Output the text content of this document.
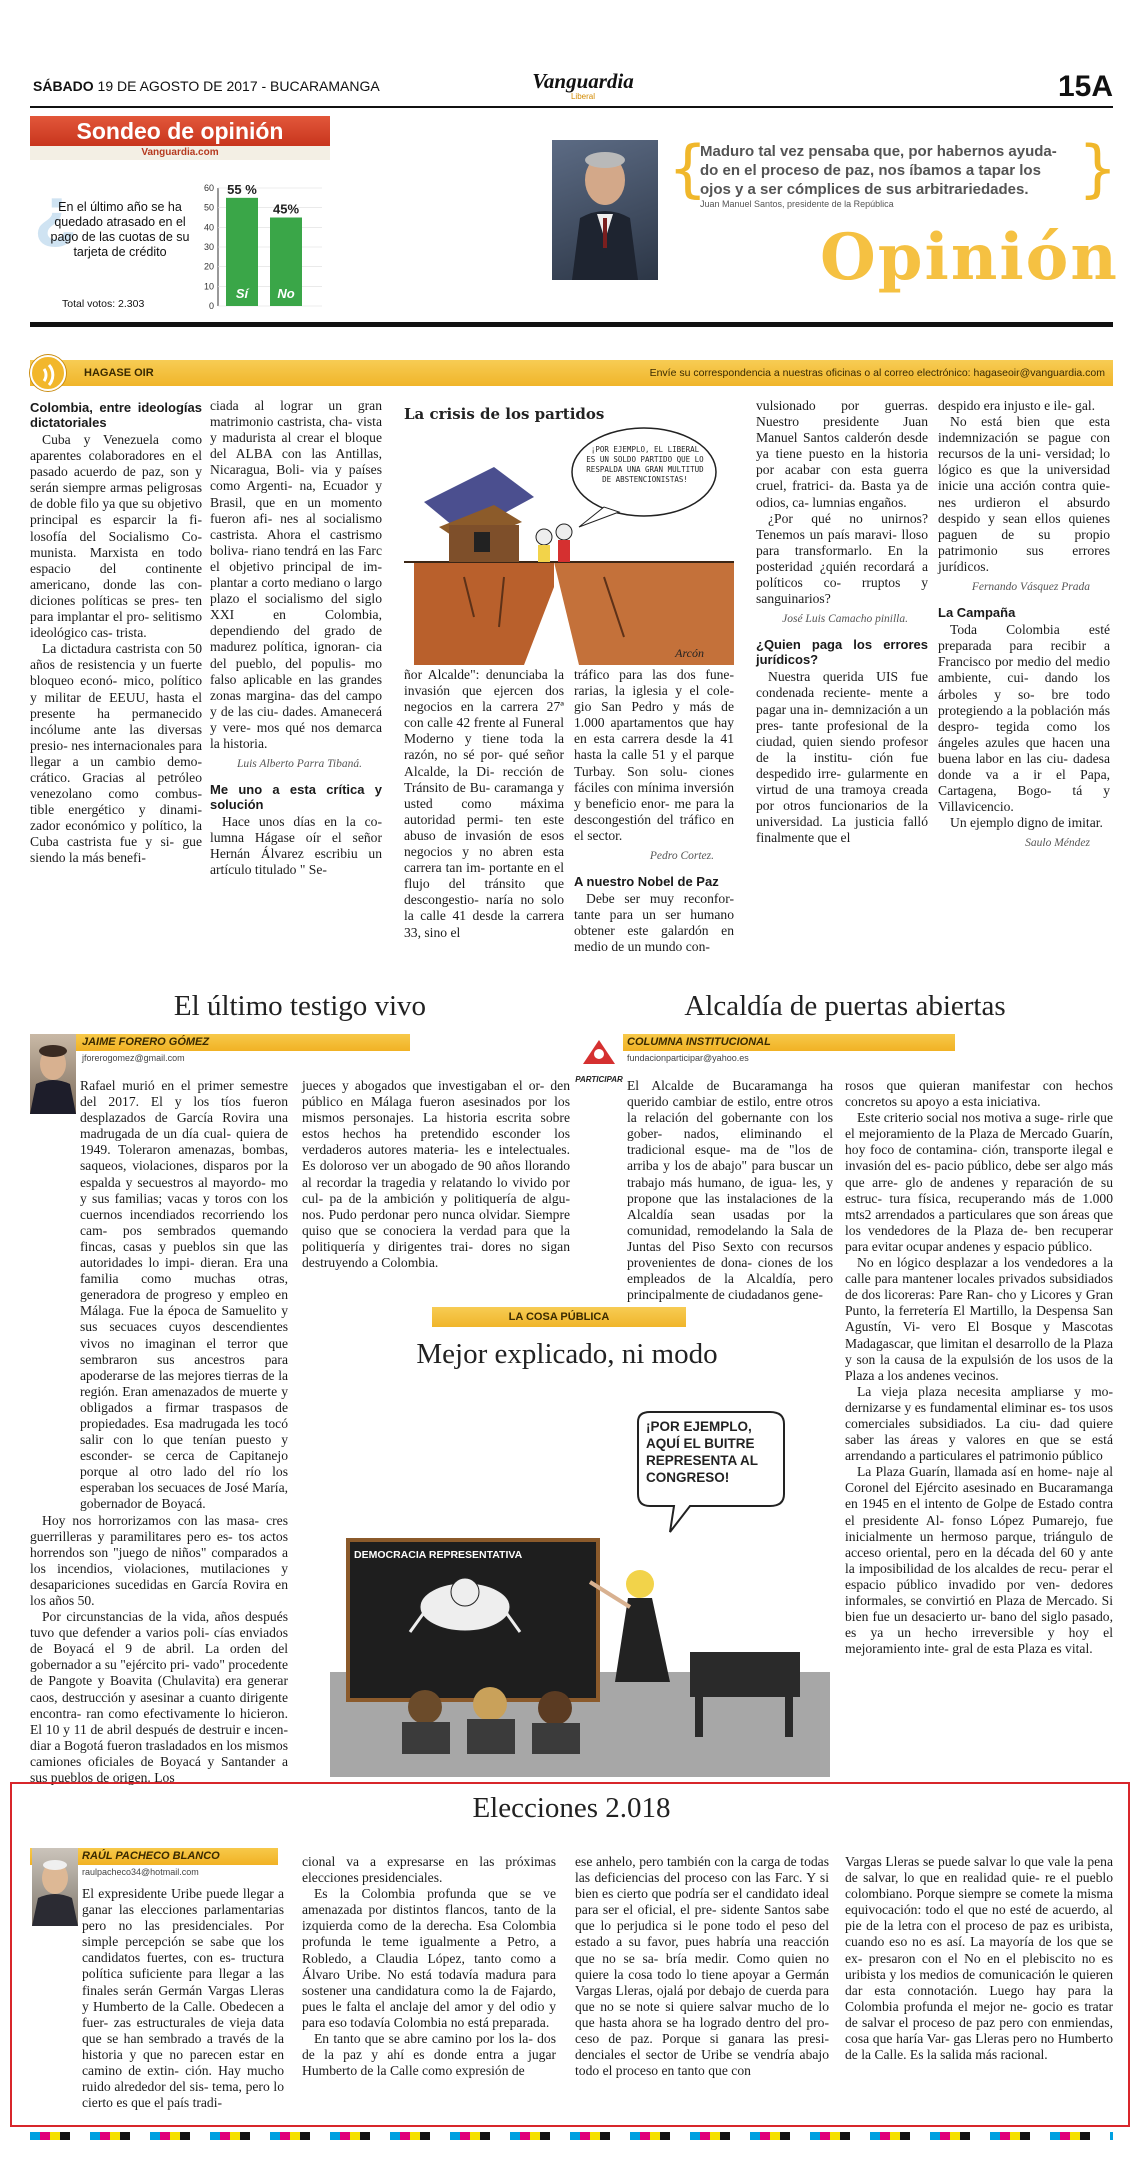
SÁBADO 19 DE AGOSTO DE 2017 - BUCARAMANGA	Vanguardia
Liberal	15A
Sondeo de opinión
Vanguardia.com
¿
En el último año se ha quedado atrasado en el pago de las cuotas de su tarjeta de crédito
Total votos: 2.303
60
50
40
30
20
10
0
55 %
Sí
45%
No
{
Maduro tal vez pensaba que, por habernos ayuda- do en el proceso de paz, nos íbamos a tapar los ojos y a ser cómplices de sus arbitrariedades.
Juan Manuel Santos, presidente de la República	}
Opinión
HAGASE OIR	Envíe su correspondencia a nuestras oficinas o al correo electrónico: hagaseoir@vanguardia.com
Colombia, entre ideologías dictatoriales

Cuba y Venezuela como aparentes colaboradores en el pasado acuerdo de paz, son y serán siempre armas peligrosas de doble filo ya que su objetivo principal es esparcir la fi- losofía del Socialismo Co- munista. Marxista en todo espacio del continente americano, donde las con- diciones políticas se pres- ten para implantar el pro- selitismo ideológico cas- trista.

La dictadura castrista con 50 años de resistencia y un fuerte bloqueo econó- mico, político y militar de EEUU, hasta el presente ha permanecido incólume ante las diversas presio- nes internacionales para llegar a un cambio demo- crático. Gracias al petróleo venezolano como combus- tible energético y dinami- zador económico y político, la Cuba castrista fue y si- gue siendo la más benefi-

ciada al lograr un gran matrimonio castrista, cha- vista y madurista al crear el bloque del ALBA con las Antillas, Nicaragua, Boli- via y países como Argenti- na, Ecuador y Brasil, que en un momento fueron afi- nes al socialismo castrista. Ahora el castrismo boliva- riano tendrá en las Farc el objetivo principal de im- plantar a corto mediano o largo plazo el socialismo del siglo XXI en Colombia, dependiendo del grado de madurez política, ignoran- cia del pueblo, del populis- mo falso aplicable en las grandes zonas margina- das del campo y de las ciu- dades. Amanecerá y vere- mos qué nos demarca la historia.

Luis Alberto Parra Tibaná.
Me uno a esta crítica y solución

Hace unos días en la co- lumna Hágase oír el señor Hernán Álvarez escribiu un artículo titulado " Se-

La crisis de los partidos
Arcón
¡POR EJEMPLO, EL LIBERAL ES UN SOLDO PARTIDO QUE LO RESPALDA UNA GRAN MULTITUD DE ABSTENCIONISTAS!

ñor Alcalde": denunciaba la invasión que ejercen dos negocios en la carrera 27ª con calle 42 frente al Funeral Moderno y tiene toda la razón, no sé por- qué señor Alcalde, la Di- rección de Tránsito de Bu- caramanga y usted como máxima autoridad permi- ten este abuso de invasión de esos negocios y no abren esta carrera tan im- portante en el flujo del tránsito que descongestio- naría no solo la calle 41 desde la carrera 33, sino el

tráfico para las dos fune- rarias, la iglesia y el cole- gio San Pedro y más de 1.000 apartamentos que hay en esta carrera desde la 41 hasta la calle 51 y el parque Turbay. Son solu- ciones fáciles con mínima inversión y beneficio enor- me para la descongestión del tráfico en el sector.

Pedro Cortez.
A nuestro Nobel de Paz

Debe ser muy reconfor- tante para un ser humano obtener este galardón en medio de un mundo con-

vulsionado por guerras. Nuestro presidente Juan Manuel Santos calderón desde ya tiene puesto en la historia por acabar con esta guerra cruel, fratrici- da. Basta ya de odios, ca- lumnias engaños.

¿Por qué no unirnos? Tenemos un país maravi- lloso para transformarlo. En la posteridad ¿quién recordará a políticos co- rruptos y sanguinarios?

José Luis Camacho pinilla.
¿Quien paga los errores jurídicos?

Nuestra querida UIS fue condenada reciente- mente a pagar una in- demnización a un pres- tante profesional de la ciudad, quien siendo profesor de la institu- ción fue despedido irre- gularmente en virtud de una tramoya creada por otros funcionarios de la universidad. La justicia falló finalmente que el

despido era injusto e ile- gal.

No está bien que esta indemnización se pague con recursos de la uni- versidad; lo lógico es que la universidad inicie una acción contra quie- nes urdieron el absurdo despido y sean ellos quienes paguen de su propio patrimonio sus errores jurídicos.

Fernando Vásquez Prada
La Campaña

Toda Colombia esté preparada para recibir a Francisco por medio del medio ambiente, cui- dando los árboles y so- bre todo protegiendo a la población más despro- tegida como los ángeles azules que hacen una buena labor en las ciu- dadesa donde va a ir el Papa, Cartagena, Bogo- tá y Villavicencio.

Un ejemplo digno de imitar.

Saulo Méndez
El último testigo vivo
JAIME FORERO GÓMEZ
jforerogomez@gmail.com

Rafael murió en el primer semestre del 2017. El y los tíos fueron desplazados de García Rovira una madrugada de un día cual- quiera de 1949. Toleraron amenazas, bombas, saqueos, violaciones, disparos por la espalda y secuestros al mayordo- mo y sus familias; vacas y toros con los cuernos incendiados recorriendo los cam- pos sembrados quemando fincas, casas y pueblos sin que las autoridades lo impi- dieran. Era una familia como muchas otras, generadora de progreso y empleo en Málaga. Fue la época de Samuelito y sus secuaces cuyos descendientes vivos no imaginan el terror que sembraron sus ancestros para apoderarse de las mejores tierras de la región. Eran amenazados de muerte y obligados a firmar traspasos de propiedades. Esa madrugada les tocó salir con lo que tenían puesto y esconder- se cerca de Capitanejo porque al otro lado del río los esperaban los secuaces de José María, gobernador de Boyacá.

Hoy nos horrorizamos con las masa- cres guerrilleras y paramilitares pero es- tos actos horrendos son "juego de niños" comparados a los incendios, violaciones, mutilaciones y desapariciones sucedidas en García Rovira en los años 50.

Por circunstancias de la vida, años después tuvo que defender a varios poli- cías enviados de Boyacá el 9 de abril. La orden del gobernador a su "ejército pri- vado" procedente de Pangote y Boavita (Chulavita) era generar caos, destrucción y asesinar a cuanto dirigente encontra- ran como efectivamente lo hicieron. El 10 y 11 de abril después de destruir e incen- diar a Bogotá fueron trasladados en los mismos camiones oficiales de Boyacá y Santander a sus pueblos de origen. Los

jueces y abogados que investigaban el or- den público en Málaga fueron asesinados por los mismos personajes. La historia escrita sobre estos hechos ha pretendido esconder los verdaderos autores materia- les e intelectuales. Es doloroso ver un abogado de 90 años llorando al recordar la tragedia y relatando lo vivido por cul- pa de la ambición y politiquería de algu- nos. Pudo perdonar pero nunca olvidar. Siempre quiso que se conociera la verdad para que la politiquería y dirigentes trai- dores no sigan destruyendo a Colombia.

LA COSA PÚBLICA
Mejor explicado, ni modo
DEMOCRACIA REPRESENTATIVA
¡POR EJEMPLO, AQUÍ EL BUITRE REPRESENTA AL CONGRESO!
Alcaldía de puertas abiertas
COLUMNA INSTITUCIONAL
fundacionparticipar@yahoo.es
PARTICIPAR El Alcalde de Bucaramanga ha querido cambiar de estilo, entre otros la relación del gobernante con los gober- nados, eliminando el tradicional esque- ma de "los de arriba y los de abajo" para buscar un trabajo más humano, de igua- les, y propone que las instalaciones de la Alcaldía sean usadas por la comunidad, remodelando la Sala de Juntas del Piso Sexto con recursos provenientes de dona- ciones de los empleados de la Alcaldía, pero principalmente de ciudadanos gene-

rosos que quieran manifestar con hechos concretos su apoyo a esta iniciativa.

Este criterio social nos motiva a suge- rirle que el mejoramiento de la Plaza de Mercado Guarín, hoy foco de contamina- ción, transporte ilegal e invasión del es- pacio público, debe ser algo más que arre- glo de andenes y reparación de su estruc- tura física, recuperando más de 1.000 mts2 arrendados a particulares que son áreas que los vendedores de la Plaza de- ben recuperar para evitar ocupar andenes y espacio público.

No en lógico desplazar a los vendedores a la calle para mantener locales privados subsidiados de dos licoreras: Pare Ran- cho y Licores y Gran Punto, la ferretería El Martillo, la Despensa San Agustín, Vi- vero El Bosque y Mascotas Madagascar, que limitan el desarrollo de la Plaza y son la causa de la expulsión de los usos de la Plaza a los andenes vecinos.

La vieja plaza necesita ampliarse y mo- dernizarse y es fundamental eliminar es- tos usos comerciales subsidiados. La ciu- dad quiere saber las áreas y valores en que se está arrendando a particulares el patrimonio público

La Plaza Guarín, llamada así en home- naje al Coronel del Ejército asesinado en Bucaramanga en 1945 en el intento de Golpe de Estado contra el presidente Al- fonso López Pumarejo, fue inicialmente un hermoso parque, triángulo de acceso oriental, pero en la década del 60 y ante la imposibilidad de los alcaldes de recu- perar el espacio público invadido por ven- dedores informales, se convirtió en Plaza de Mercado. Si bien fue un desacierto ur- bano del siglo pasado, es ya un hecho irreversible y hoy el mejoramiento inte- gral de esta Plaza es vital.

Elecciones 2.018
RAÚL PACHECO BLANCO
raulpacheco34@hotmail.com

El expresidente Uribe puede llegar a ganar las elecciones parlamentarias pero no las presidenciales. Por simple percepción se sabe que los candidatos fuertes, con es- tructura política suficiente para llegar a las finales serán Germán Vargas Lleras y Humberto de la Calle. Obedecen a fuer- zas estructurales de vieja data que se han sembrado a través de la historia y que no parecen estar en camino de extin- ción. Hay mucho ruido alrededor del sis- tema, pero lo cierto es que el país tradi-

cional va a expresarse en las próximas elecciones presidenciales.

Es la Colombia profunda que se ve amenazada por distintos flancos, tanto de la izquierda como de la derecha. Esa Colombia profunda le teme igualmente a Petro, a Robledo, a Claudia López, tanto como a Álvaro Uribe. No está todavía madura para sostener una candidatura como la de Fajardo, pues le falta el anclaje del amor y del odio y para eso todavía Colombia no está preparada.

En tanto que se abre camino por los la- dos de la paz y ahí es donde entra a jugar Humberto de la Calle como expresión de

ese anhelo, pero también con la carga de todas las deficiencias del proceso con las Farc. Y si bien es cierto que podría ser el candidato ideal para ser el oficial, el pre- sidente Santos sabe que lo perjudica si le pone todo el peso del estado a su favor, pues habría una reacción que no se sa- bría medir. Como quien no quiere la cosa todo lo tiene apoyar a Germán Vargas Lleras, ojalá por debajo de cuerda para que no se note si quiere salvar mucho de lo que hasta ahora se ha logrado dentro del pro- ceso de paz. Porque si ganara las presi- denciales el sector de Uribe se vendría abajo todo el proceso en tanto que con

Vargas Lleras se puede salvar lo que vale la pena de salvar, lo que en realidad quie- re el pueblo colombiano. Porque siempre se comete la misma equivocación: todo el que no esté de acuerdo, al pie de la letra con el proceso de paz es uribista, cuando eso no es así. La mayoría de los que se ex- presaron con el No en el plebiscito no es uribista y los medios de comunicación le quieren dar esta connotación. Luego hay para la Colombia profunda el mejor ne- gocio es tratar de salvar el proceso de paz pero con enmiendas, cosa que haría Var- gas Lleras pero no Humberto de la Calle. Es la salida más racional.
